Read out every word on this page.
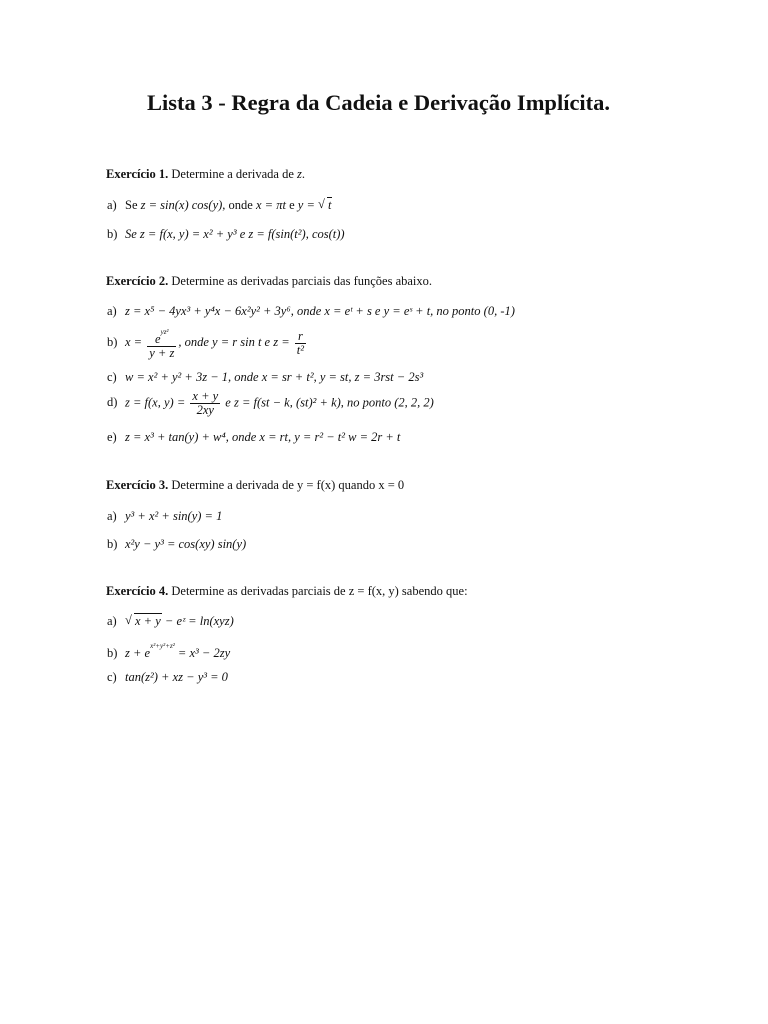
Lista 3 - Regra da Cadeia e Derivação Implícita.
Exercício 1. Determine a derivada de z.
a) Se z = sin(x) cos(y), onde x = πt e y = √ t
b) Se z = f(x, y) = x² + y³ e z = f(sin(t²), cos(t))
Exercício 2. Determine as derivadas parciais das funções abaixo.
a) z = x⁵ − 4yx³ + y⁴x − 6x²y² + 3y⁶, onde x = eᵗ + s e y = eˢ + t, no ponto (0, -1)
b) $x = \frac{e^{yz^2}}{y + z}$ , onde y = r sin t e $z = \frac{r}{\text{t²}}$
c) w = x² + y² + 3z − 1, onde x = sr + t², y = st, z = 3rst − 2s³
d) z = f(x, $y) = \frac{x + y}{2xy}$ e z = f(st − k, (st)² + k), no ponto (2, 2, 2)
e) z = x³ + tan(y) + w⁴, onde x = rt, y = r² − t² w = 2r + t
Exercício 3. Determine a derivada de y = f(x) quando x = 0
a) y³ + x² + sin(y) = 1
b) x²y − y³ = cos(xy) sin(y)
Exercício 4. Determine as derivadas parciais de z = f(x, y) sabendo que:
a)√ x + y − eᶻ = ln(xyz)
b) $z + e^{x^2+y^2+z^2} = x^3 - 2zy$
c) tan(z²) + xz − y³ = 0
